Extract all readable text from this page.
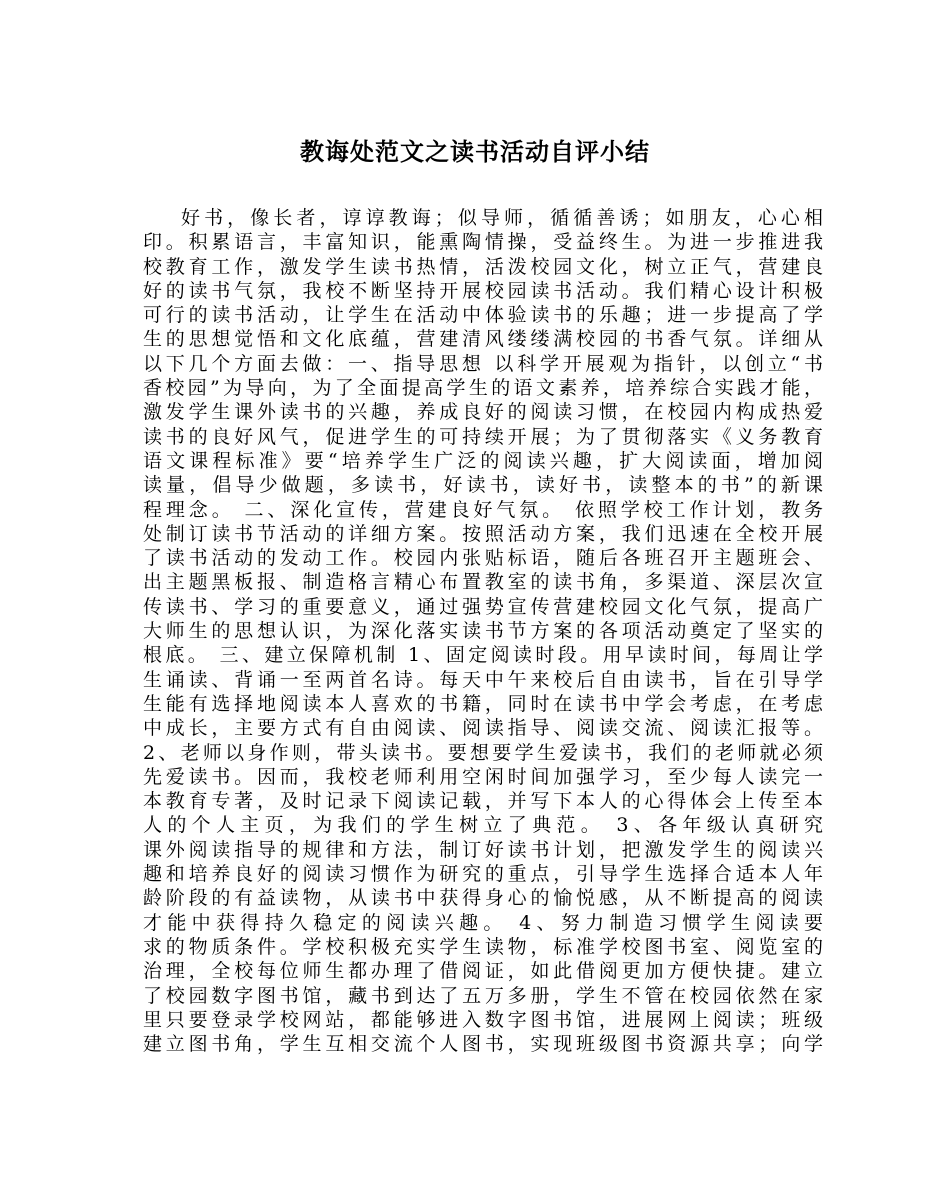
教诲处范文之读书活动自评小结
好书，像长者，谆谆教诲；似导师，循循善诱；如朋友，心心相
印。积累语言，丰富知识，能熏陶情操，受益终生。为进一步推进我
校教育工作，激发学生读书热情，活泼校园文化，树立正气，营建良
好的读书气氛，我校不断坚持开展校园读书活动。我们精心设计积极
可行的读书活动，让学生在活动中体验读书的乐趣；进一步提高了学
生的思想觉悟和文化底蕴，营建清风缕缕满校园的书香气氛。详细从
以下几个方面去做：一、指导思想 以科学开展观为指针，以创立“书
香校园”为导向，为了全面提高学生的语文素养，培养综合实践才能，
激发学生课外读书的兴趣，养成良好的阅读习惯，在校园内构成热爱
读书的良好风气，促进学生的可持续开展；为了贯彻落实《义务教育
语文课程标准》要“培养学生广泛的阅读兴趣，扩大阅读面，增加阅
读量，倡导少做题，多读书，好读书，读好书，读整本的书”的新课
程理念。 二、深化宣传，营建良好气氛。 依照学校工作计划，教务
处制订读书节活动的详细方案。按照活动方案，我们迅速在全校开展
了读书活动的发动工作。校园内张贴标语，随后各班召开主题班会、
出主题黑板报、制造格言精心布置教室的读书角，多渠道、深层次宣
传读书、学习的重要意义，通过强势宣传营建校园文化气氛，提高广
大师生的思想认识，为深化落实读书节方案的各项活动奠定了坚实的
根底。 三、建立保障机制 1、固定阅读时段。用早读时间，每周让学
生诵读、背诵一至两首名诗。每天中午来校后自由读书，旨在引导学
生能有选择地阅读本人喜欢的书籍，同时在读书中学会考虑，在考虑
中成长，主要方式有自由阅读、阅读指导、阅读交流、阅读汇报等。
2、老师以身作则，带头读书。要想要学生爱读书，我们的老师就必须
先爱读书。因而，我校老师利用空闲时间加强学习，至少每人读完一
本教育专著，及时记录下阅读记载，并写下本人的心得体会上传至本
人的个人主页，为我们的学生树立了典范。 3、各年级认真研究
课外阅读指导的规律和方法，制订好读书计划，把激发学生的阅读兴
趣和培养良好的阅读习惯作为研究的重点，引导学生选择合适本人年
龄阶段的有益读物，从读书中获得身心的愉悦感，从不断提高的阅读
才能中获得持久稳定的阅读兴趣。 4、努力制造习惯学生阅读要
求的物质条件。学校积极充实学生读物，标准学校图书室、阅览室的
治理，全校每位师生都办理了借阅证，如此借阅更加方便快捷。建立
了校园数字图书馆，藏书到达了五万多册，学生不管在校园依然在家
里只要登录学校网站，都能够进入数字图书馆，进展网上阅读；班级
建立图书角，学生互相交流个人图书，实现班级图书资源共享；向学
